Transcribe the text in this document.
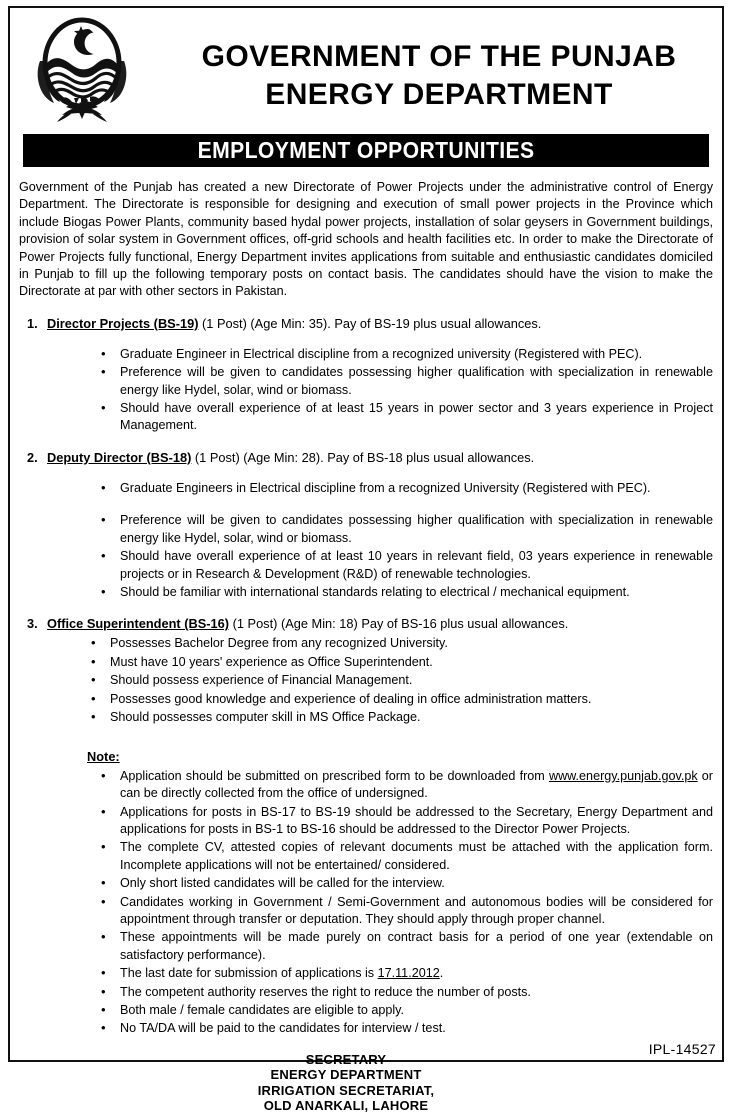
GOVERNMENT OF THE PUNJAB
ENERGY DEPARTMENT
EMPLOYMENT OPPORTUNITIES

Government of the Punjab has created a new Directorate of Power Projects under the administrative control of Energy Department. The Directorate is responsible for designing and execution of small power projects in the Province which include Biogas Power Plants, community based hydal power projects, installation of solar geysers in Government buildings, provision of solar system in Government offices, off-grid schools and health facilities etc. In order to make the Directorate of Power Projects fully functional, Energy Department invites applications from suitable and enthusiastic candidates domiciled in Punjab to fill up the following temporary posts on contact basis. The candidates should have the vision to make the Directorate at par with other sectors in Pakistan.

1. Director Projects (BS-19) (1 Post) (Age Min: 35). Pay of BS-19 plus usual allowances.
• Graduate Engineer in Electrical discipline from a recognized university (Registered with PEC).
• Preference will be given to candidates possessing higher qualification with specialization in renewable energy like Hydel, solar, wind or biomass.
• Should have overall experience of at least 15 years in power sector and 3 years experience in Project Management.
2. Deputy Director (BS-18) (1 Post) (Age Min: 28). Pay of BS-18 plus usual allowances.
• Graduate Engineers in Electrical discipline from a recognized University (Registered with PEC).
• Preference will be given to candidates possessing higher qualification with specialization in renewable energy like Hydel, solar, wind or biomass.
• Should have overall experience of at least 10 years in relevant field, 03 years experience in renewable projects or in Research & Development (R&D) of renewable technologies.
• Should be familiar with international standards relating to electrical / mechanical equipment.
3. Office Superintendent (BS-16) (1 Post) (Age Min: 18) Pay of BS-16 plus usual allowances.
• Possesses Bachelor Degree from any recognized University.
• Must have 10 years' experience as Office Superintendent.
• Should possess experience of Financial Management.
• Possesses good knowledge and experience of dealing in office administration matters.
• Should possesses computer skill in MS Office Package.
Note:
• Application should be submitted on prescribed form to be downloaded from www.energy.punjab.gov.pk or can be directly collected from the office of undersigned.
• Applications for posts in BS-17 to BS-19 should be addressed to the Secretary, Energy Department and applications for posts in BS-1 to BS-16 should be addressed to the Director Power Projects.
• The complete CV, attested copies of relevant documents must be attached with the application form. Incomplete applications will not be entertained/ considered.
• Only short listed candidates will be called for the interview.
• Candidates working in Government / Semi-Government and autonomous bodies will be considered for appointment through transfer or deputation. They should apply through proper channel.
• These appointments will be made purely on contract basis for a period of one year (extendable on satisfactory performance).
• The last date for submission of applications is 17.11.2012.
• The competent authority reserves the right to reduce the number of posts.
• Both male / female candidates are eligible to apply.
• No TA/DA will be paid to the candidates for interview / test.
SECRETARY
ENERGY DEPARTMENT
IRRIGATION SECRETARIAT,
OLD ANARKALI, LAHORE
IPL-14527
